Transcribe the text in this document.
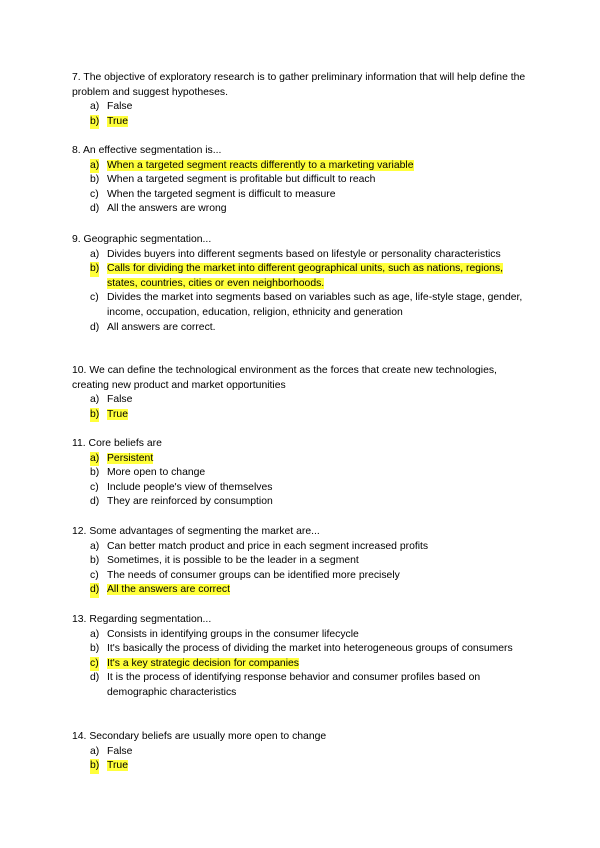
7. The objective of exploratory research is to gather preliminary information that will help define the problem and suggest hypotheses.

a) False
b) True

8. An effective segmentation is...

a) When a targeted segment reacts differently to a marketing variable
b) When a targeted segment is profitable but difficult to reach
c) When the targeted segment is difficult to measure
d) All the answers are wrong

9. Geographic segmentation...

a) Divides buyers into different segments based on lifestyle or personality characteristics
b) Calls for dividing the market into different geographical units, such as nations, regions, states, countries, cities or even neighborhoods.
c) Divides the market into segments based on variables such as age, life-style stage, gender, income, occupation, education, religion, ethnicity and generation
d) All answers are correct.

10. We can define the technological environment as the forces that create new technologies, creating new product and market opportunities

a) False
b) True

11. Core beliefs are

a) Persistent
b) More open to change
c) Include people's view of themselves
d) They are reinforced by consumption

12. Some advantages of segmenting the market are...

a) Can better match product and price in each segment increased profits
b) Sometimes, it is possible to be the leader in a segment
c) The needs of consumer groups can be identified more precisely
d) All the answers are correct

13. Regarding segmentation...

a) Consists in identifying groups in the consumer lifecycle
b) It's basically the process of dividing the market into heterogeneous groups of consumers
c) It's a key strategic decision for companies
d) It is the process of identifying response behavior and consumer profiles based on demographic characteristics

14. Secondary beliefs are usually more open to change

a) False
b) True
